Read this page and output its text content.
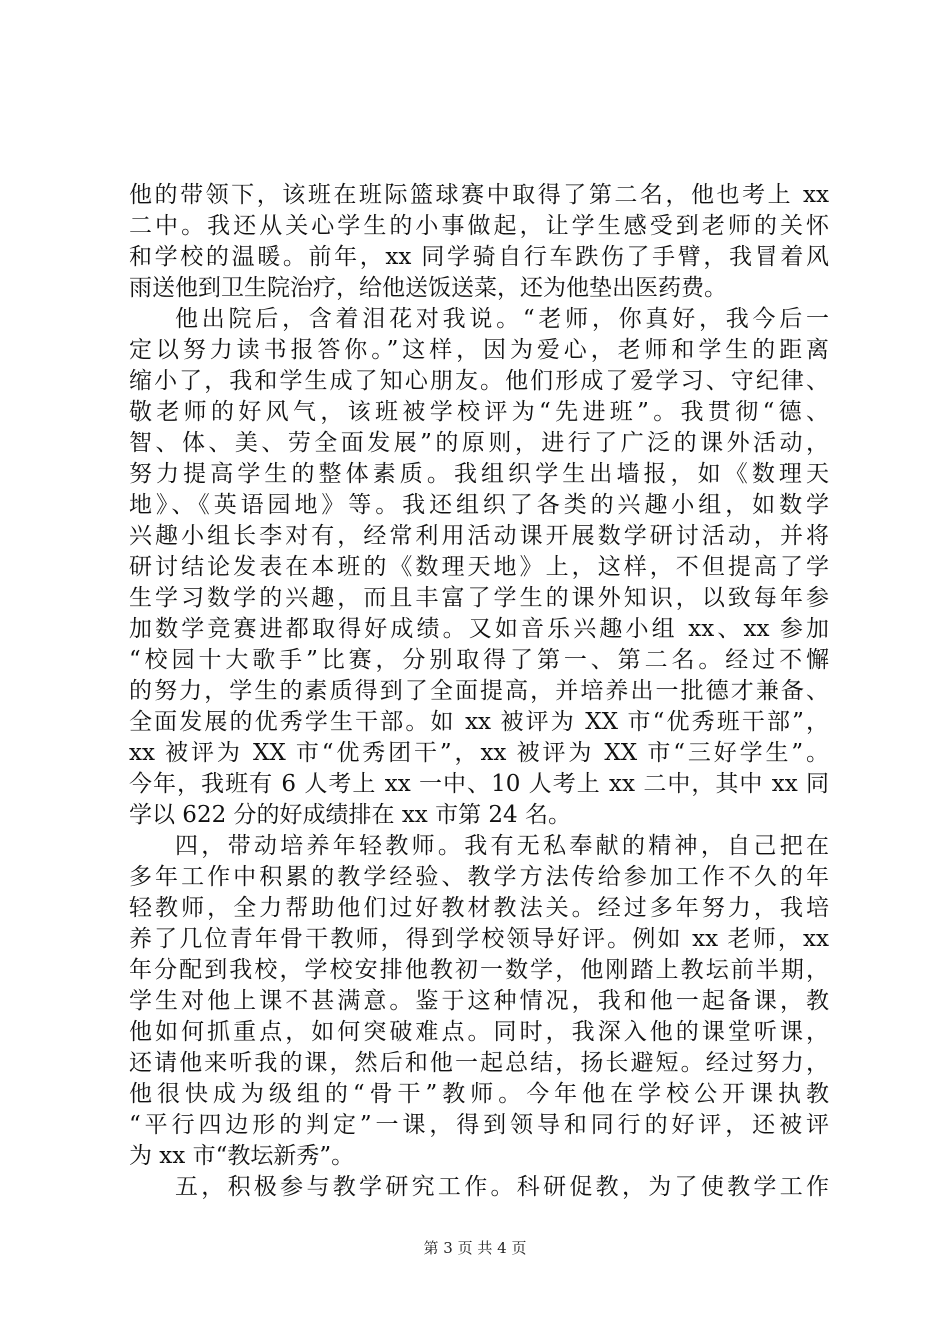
他的带领下，该班在班际篮球赛中取得了第二名，他也考上 xx
二中。我还从关心学生的小事做起，让学生感受到老师的关怀
和学校的温暖。前年，xx 同学骑自行车跌伤了手臂，我冒着风
雨送他到卫生院治疗，给他送饭送菜，还为他垫出医药费。
他出院后，含着泪花对我说。“老师，你真好，我今后一
定以努力读书报答你。”这样，因为爱心，老师和学生的距离
缩小了，我和学生成了知心朋友。他们形成了爱学习、守纪律、
敬老师的好风气，该班被学校评为“先进班”。我贯彻“德、
智、体、美、劳全面发展”的原则，进行了广泛的课外活动，
努力提高学生的整体素质。我组织学生出墙报，如《数理天
地》、《英语园地》等。我还组织了各类的兴趣小组，如数学
兴趣小组长李对有，经常利用活动课开展数学研讨活动，并将
研讨结论发表在本班的《数理天地》上，这样，不但提高了学
生学习数学的兴趣，而且丰富了学生的课外知识，以致每年参
加数学竞赛进都取得好成绩。又如音乐兴趣小组 xx、xx 参加
“校园十大歌手”比赛，分别取得了第一、第二名。经过不懈
的努力，学生的素质得到了全面提高，并培养出一批德才兼备、
全面发展的优秀学生干部。如 xx 被评为 XX 市“优秀班干部”，
xx 被评为 XX 市“优秀团干”，xx 被评为 XX 市“三好学生”。
今年，我班有 6 人考上 xx 一中、10 人考上 xx 二中，其中 xx 同
学以 622 分的好成绩排在 xx 市第 24 名。
四，带动培养年轻教师。我有无私奉献的精神，自己把在
多年工作中积累的教学经验、教学方法传给参加工作不久的年
轻教师，全力帮助他们过好教材教法关。经过多年努力，我培
养了几位青年骨干教师，得到学校领导好评。例如 xx 老师，xx
年分配到我校，学校安排他教初一数学，他刚踏上教坛前半期，
学生对他上课不甚满意。鉴于这种情况，我和他一起备课，教
他如何抓重点，如何突破难点。同时，我深入他的课堂听课，
还请他来听我的课，然后和他一起总结，扬长避短。经过努力，
他很快成为级组的“骨干”教师。今年他在学校公开课执教
“平行四边形的判定”一课，得到领导和同行的好评，还被评
为 xx 市“教坛新秀”。
五，积极参与教学研究工作。科研促教，为了使教学工作
第 3 页 共 4 页
